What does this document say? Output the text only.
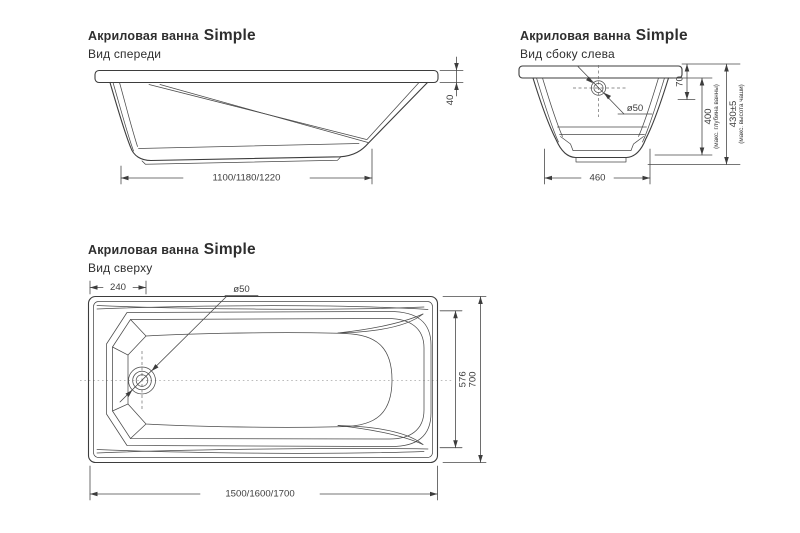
Акриловая ванна Simple
Вид спереди
40
1100/1180/1220
Акриловая ванна Simple
Вид сбоку слева
ø50
70
400 (макс. глубина ванны) 430±5 (макс. высота чаши)
460
Акриловая ванна Simple
Вид сверху
ø50
240
576 700
1500/1600/1700
